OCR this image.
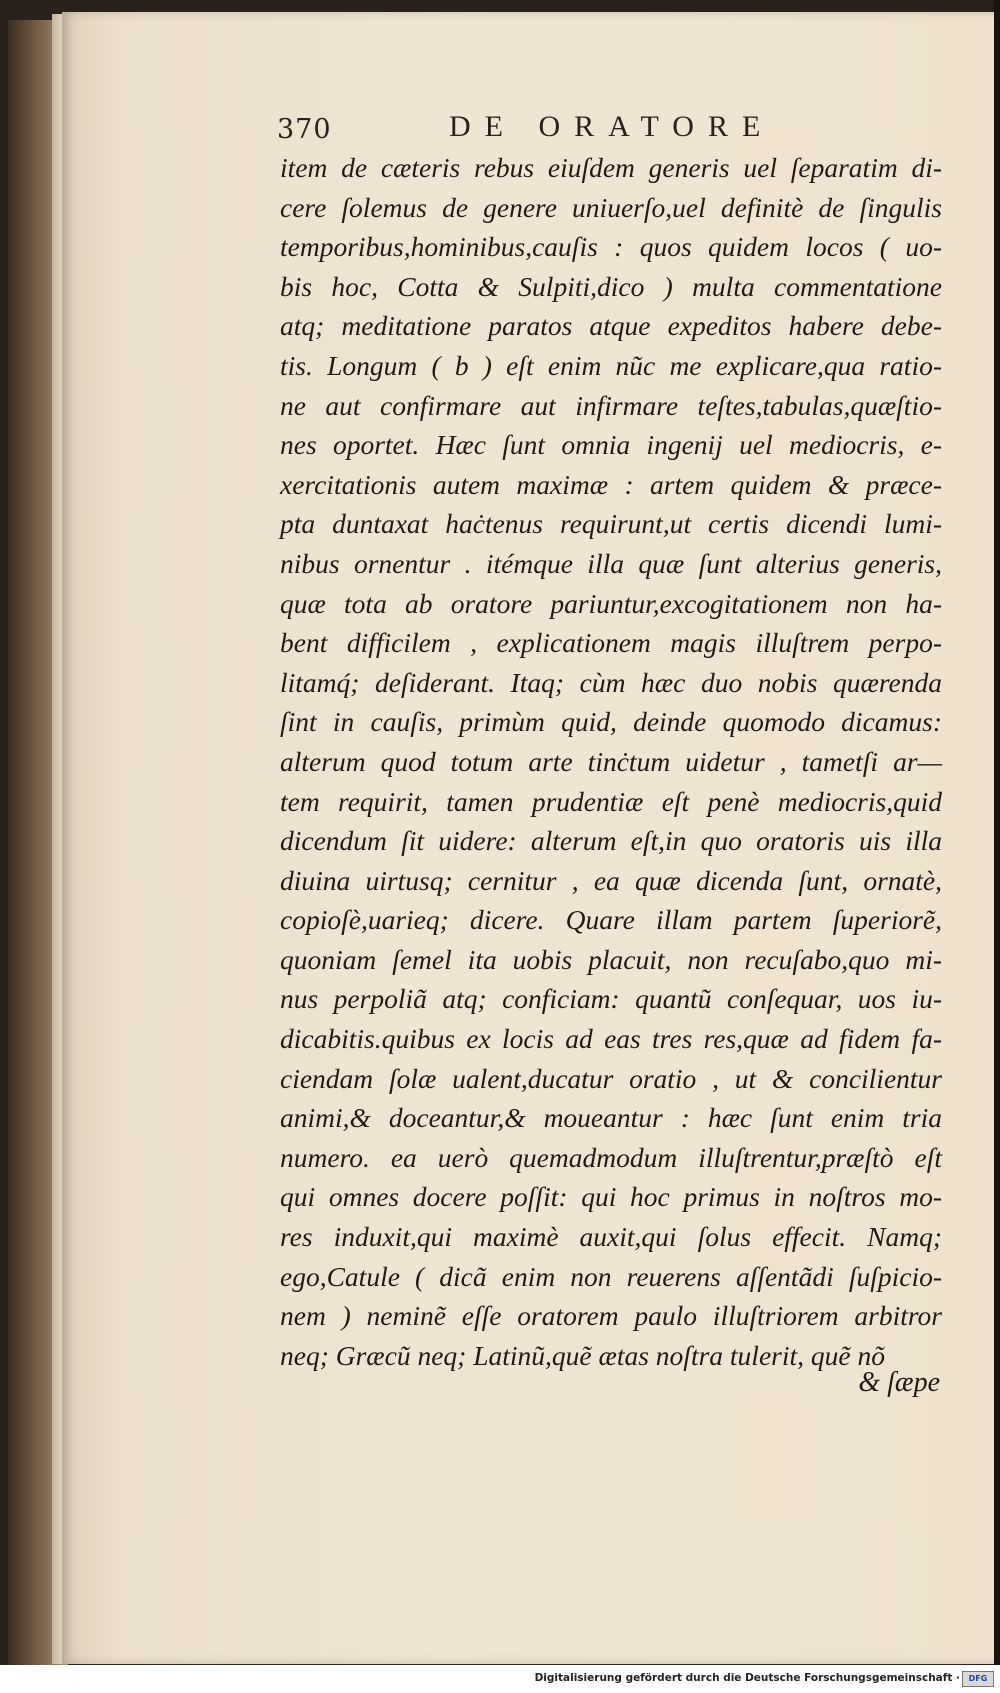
370	DE ORATORE
item de cæteris rebus eiuſdem generis uel ſeparatim di-
cere ſolemus de genere uniuerſo,uel definitè de ſingulis
temporibus,hominibus,cauſis : quos quidem locos ( uo-
bis hoc, Cotta & Sulpiti,dico ) multa commentatione
atq; meditatione paratos atque expeditos habere debe-
tis. Longum ( b ) eſt enim nũc me explicare,qua ratio-
ne aut confirmare aut infirmare teſtes,tabulas,quæſtio-
nes oportet. Hæc ſunt omnia ingenij uel mediocris, e-
xercitationis autem maximæ : artem quidem & præce-
pta duntaxat haċtenus requirunt,ut certis dicendi lumi-
nibus ornentur . itémque illa quæ ſunt alterius generis,
quæ tota ab oratore pariuntur,excogitationem non ha-
bent difficilem , explicationem magis illuſtrem perpo-
litamq́; deſiderant. Itaq; cùm hæc duo nobis quærenda
ſint in cauſis, primùm quid, deinde quomodo dicamus:
alterum quod totum arte tinċtum uidetur , tametſi ar—
tem requirit, tamen prudentiæ eſt penè mediocris,quid
dicendum ſit uidere: alterum eſt,in quo oratoris uis illa
diuina uirtusq; cernitur , ea quæ dicenda ſunt, ornatè,
copioſè,uarieq; dicere. Quare illam partem ſuperiorẽ,
quoniam ſemel ita uobis placuit, non recuſabo,quo mi-
nus perpoliã atq; conficiam: quantũ conſequar, uos iu-
dicabitis.quibus ex locis ad eas tres res,quæ ad fidem fa-
ciendam ſolæ ualent,ducatur oratio , ut & concilientur
animi,& doceantur,& moueantur : hæc ſunt enim tria
numero. ea uerò quemadmodum illuſtrentur,præſtò eſt
qui omnes docere poſſit: qui hoc primus in noſtros mo-
res induxit,qui maximè auxit,qui ſolus effecit. Namq;
ego,Catule ( dicã enim non reuerens aſſentãdi ſuſpicio-
nem ) neminẽ eſſe oratorem paulo illuſtriorem arbitror
neq; Græcũ neq; Latinũ,quẽ ætas noſtra tulerit, quẽ nõ
& ſæpe
Digitalisierung gefördert durch die Deutsche Forschungsgemeinschaft ·	DFG
